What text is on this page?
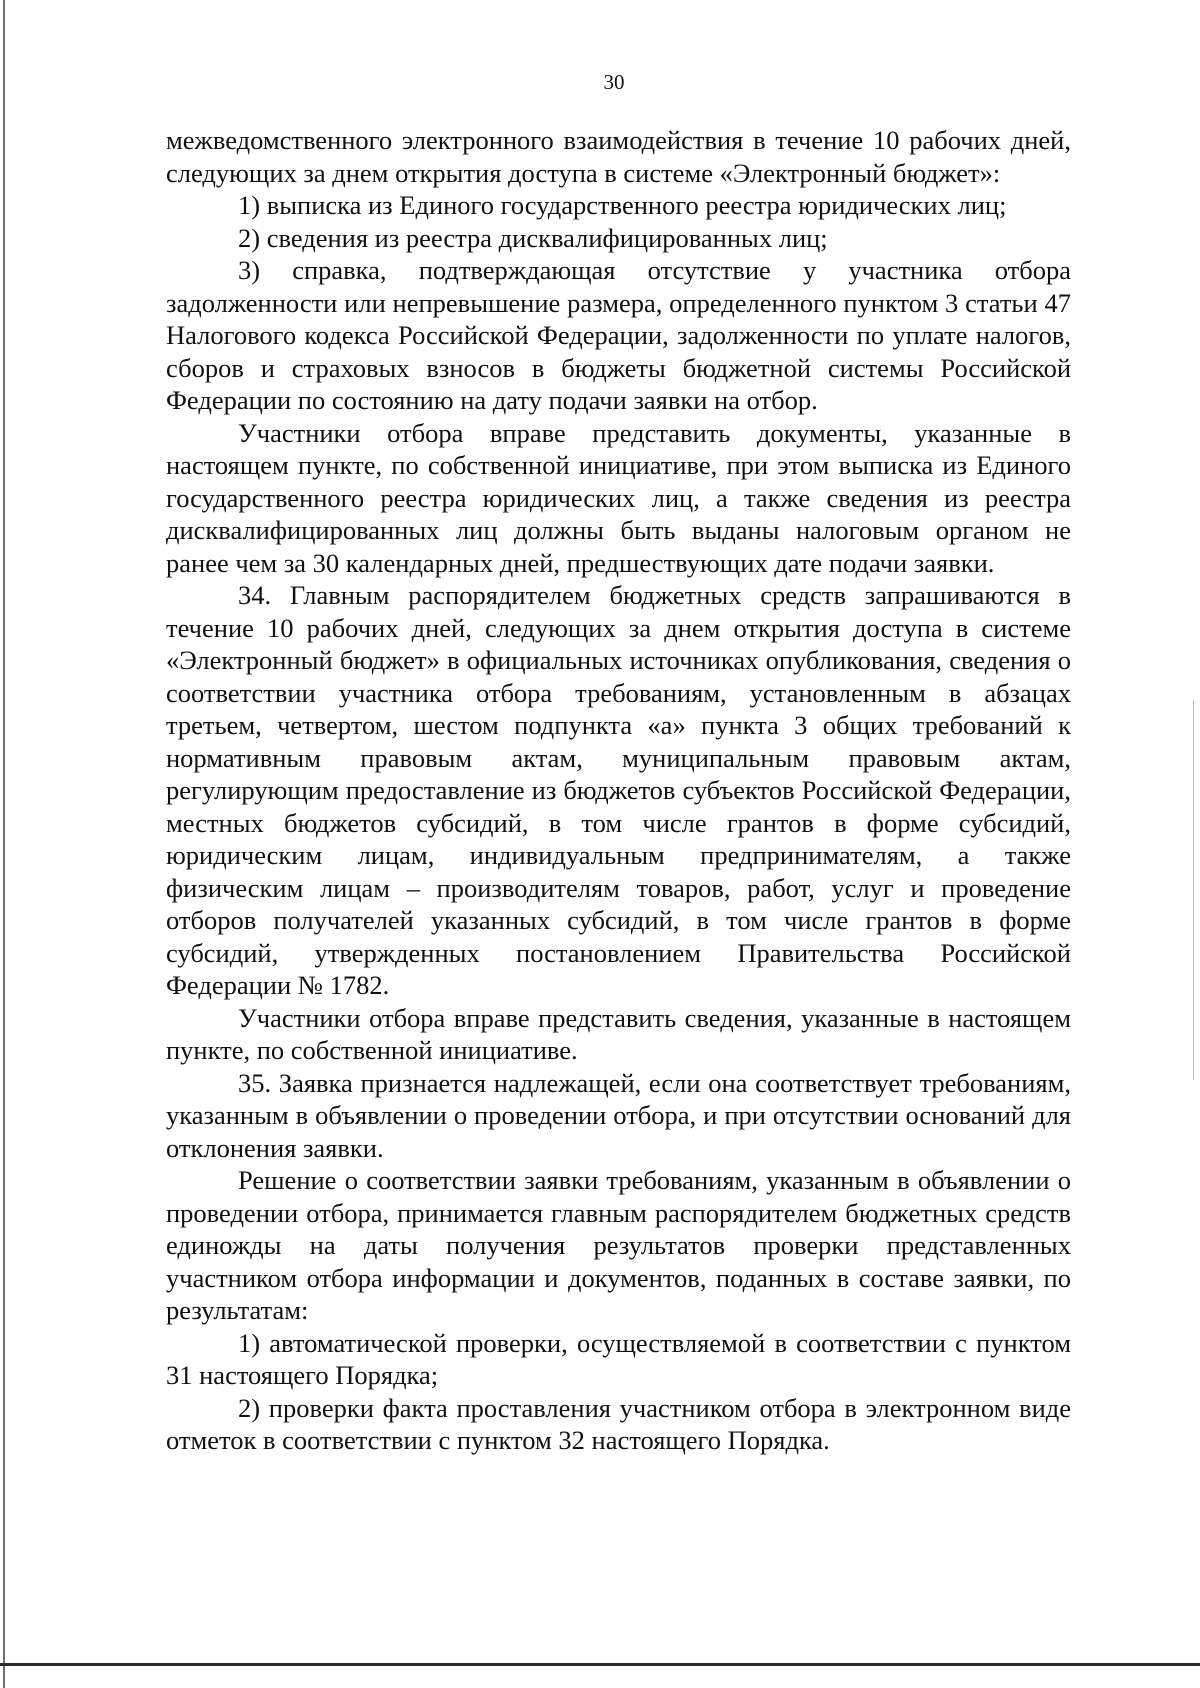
30

межведомственного электронного взаимодействия в течение 10 рабочих дней, следующих за днем открытия доступа в системе «Электронный бюджет»:

1) выписка из Единого государственного реестра юридических лиц;

2) сведения из реестра дисквалифицированных лиц;

3) справка, подтверждающая отсутствие у участника отбора задолженности или непревышение размера, определенного пунктом 3 статьи 47 Налогового кодекса Российской Федерации, задолженности по уплате налогов, сборов и страховых взносов в бюджеты бюджетной системы Российской Федерации по состоянию на дату подачи заявки на отбор.

Участники отбора вправе представить документы, указанные в настоящем пункте, по собственной инициативе, при этом выписка из Единого государственного реестра юридических лиц, а также сведения из реестра дисквалифицированных лиц должны быть выданы налоговым органом не ранее чем за 30 календарных дней, предшествующих дате подачи заявки.

34. Главным распорядителем бюджетных средств запрашиваются в течение 10 рабочих дней, следующих за днем открытия доступа в системе «Электронный бюджет» в официальных источниках опубликования, сведения о соответствии участника отбора требованиям, установленным в абзацах третьем, четвертом, шестом подпункта «а» пункта 3 общих требований к нормативным правовым актам, муниципальным правовым актам, регулирующим предоставление из бюджетов субъектов Российской Федерации, местных бюджетов субсидий, в том числе грантов в форме субсидий, юридическим лицам, индивидуальным предпринимателям, а также физическим лицам – производителям товаров, работ, услуг и проведение отборов получателей указанных субсидий, в том числе грантов в форме субсидий, утвержденных постановлением Правительства Российской Федерации № 1782.

Участники отбора вправе представить сведения, указанные в настоящем пункте, по собственной инициативе.

35. Заявка признается надлежащей, если она соответствует требованиям, указанным в объявлении о проведении отбора, и при отсутствии оснований для отклонения заявки.

Решение о соответствии заявки требованиям, указанным в объявлении о проведении отбора, принимается главным распорядителем бюджетных средств единожды на даты получения результатов проверки представленных участником отбора информации и документов, поданных в составе заявки, по результатам:

1) автоматической проверки, осуществляемой в соответствии с пунктом 31 настоящего Порядка;

2) проверки факта проставления участником отбора в электронном виде отметок в соответствии с пунктом 32 настоящего Порядка.
